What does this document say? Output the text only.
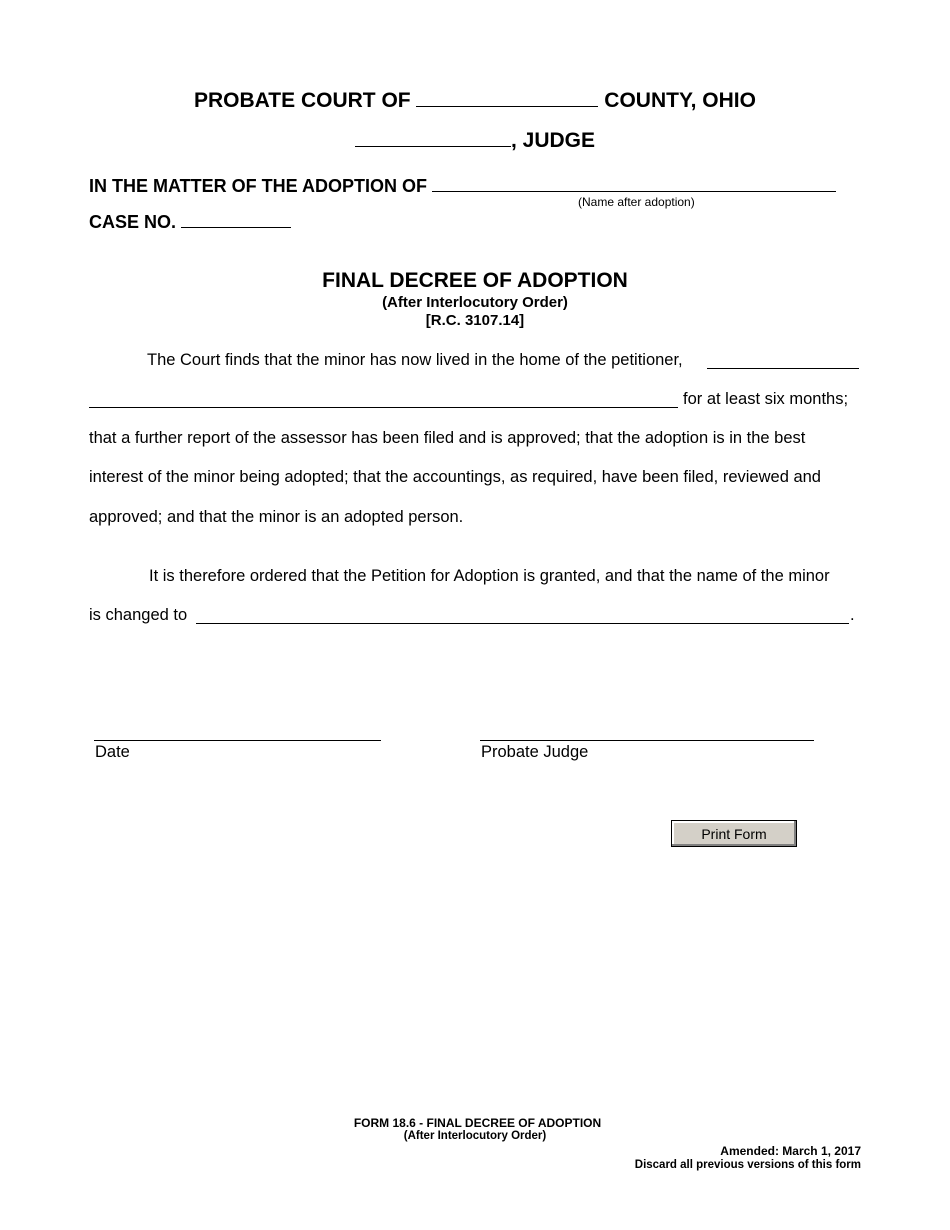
PROBATE COURT OF	COUNTY, OHIO
, JUDGE
IN THE MATTER OF THE ADOPTION OF
(Name after adoption)
CASE NO.
FINAL DECREE OF ADOPTION
(After Interlocutory Order)
[R.C. 3107.14]
The Court finds that the minor has now lived in the home of the petitioner,
for at least six months;
that a further report of the assessor has been filed and is approved; that the adoption is in the best
interest of the minor being adopted; that the accountings, as required, have been filed, reviewed and
approved; and that the minor is an adopted person.
It is therefore ordered that the Petition for Adoption is granted, and that the name of the minor
is changed to	.
Date	Probate Judge
Print Form
FORM 18.6 - FINAL DECREE OF ADOPTION
(After Interlocutory Order)
Amended: March 1, 2017
Discard all previous versions of this form
